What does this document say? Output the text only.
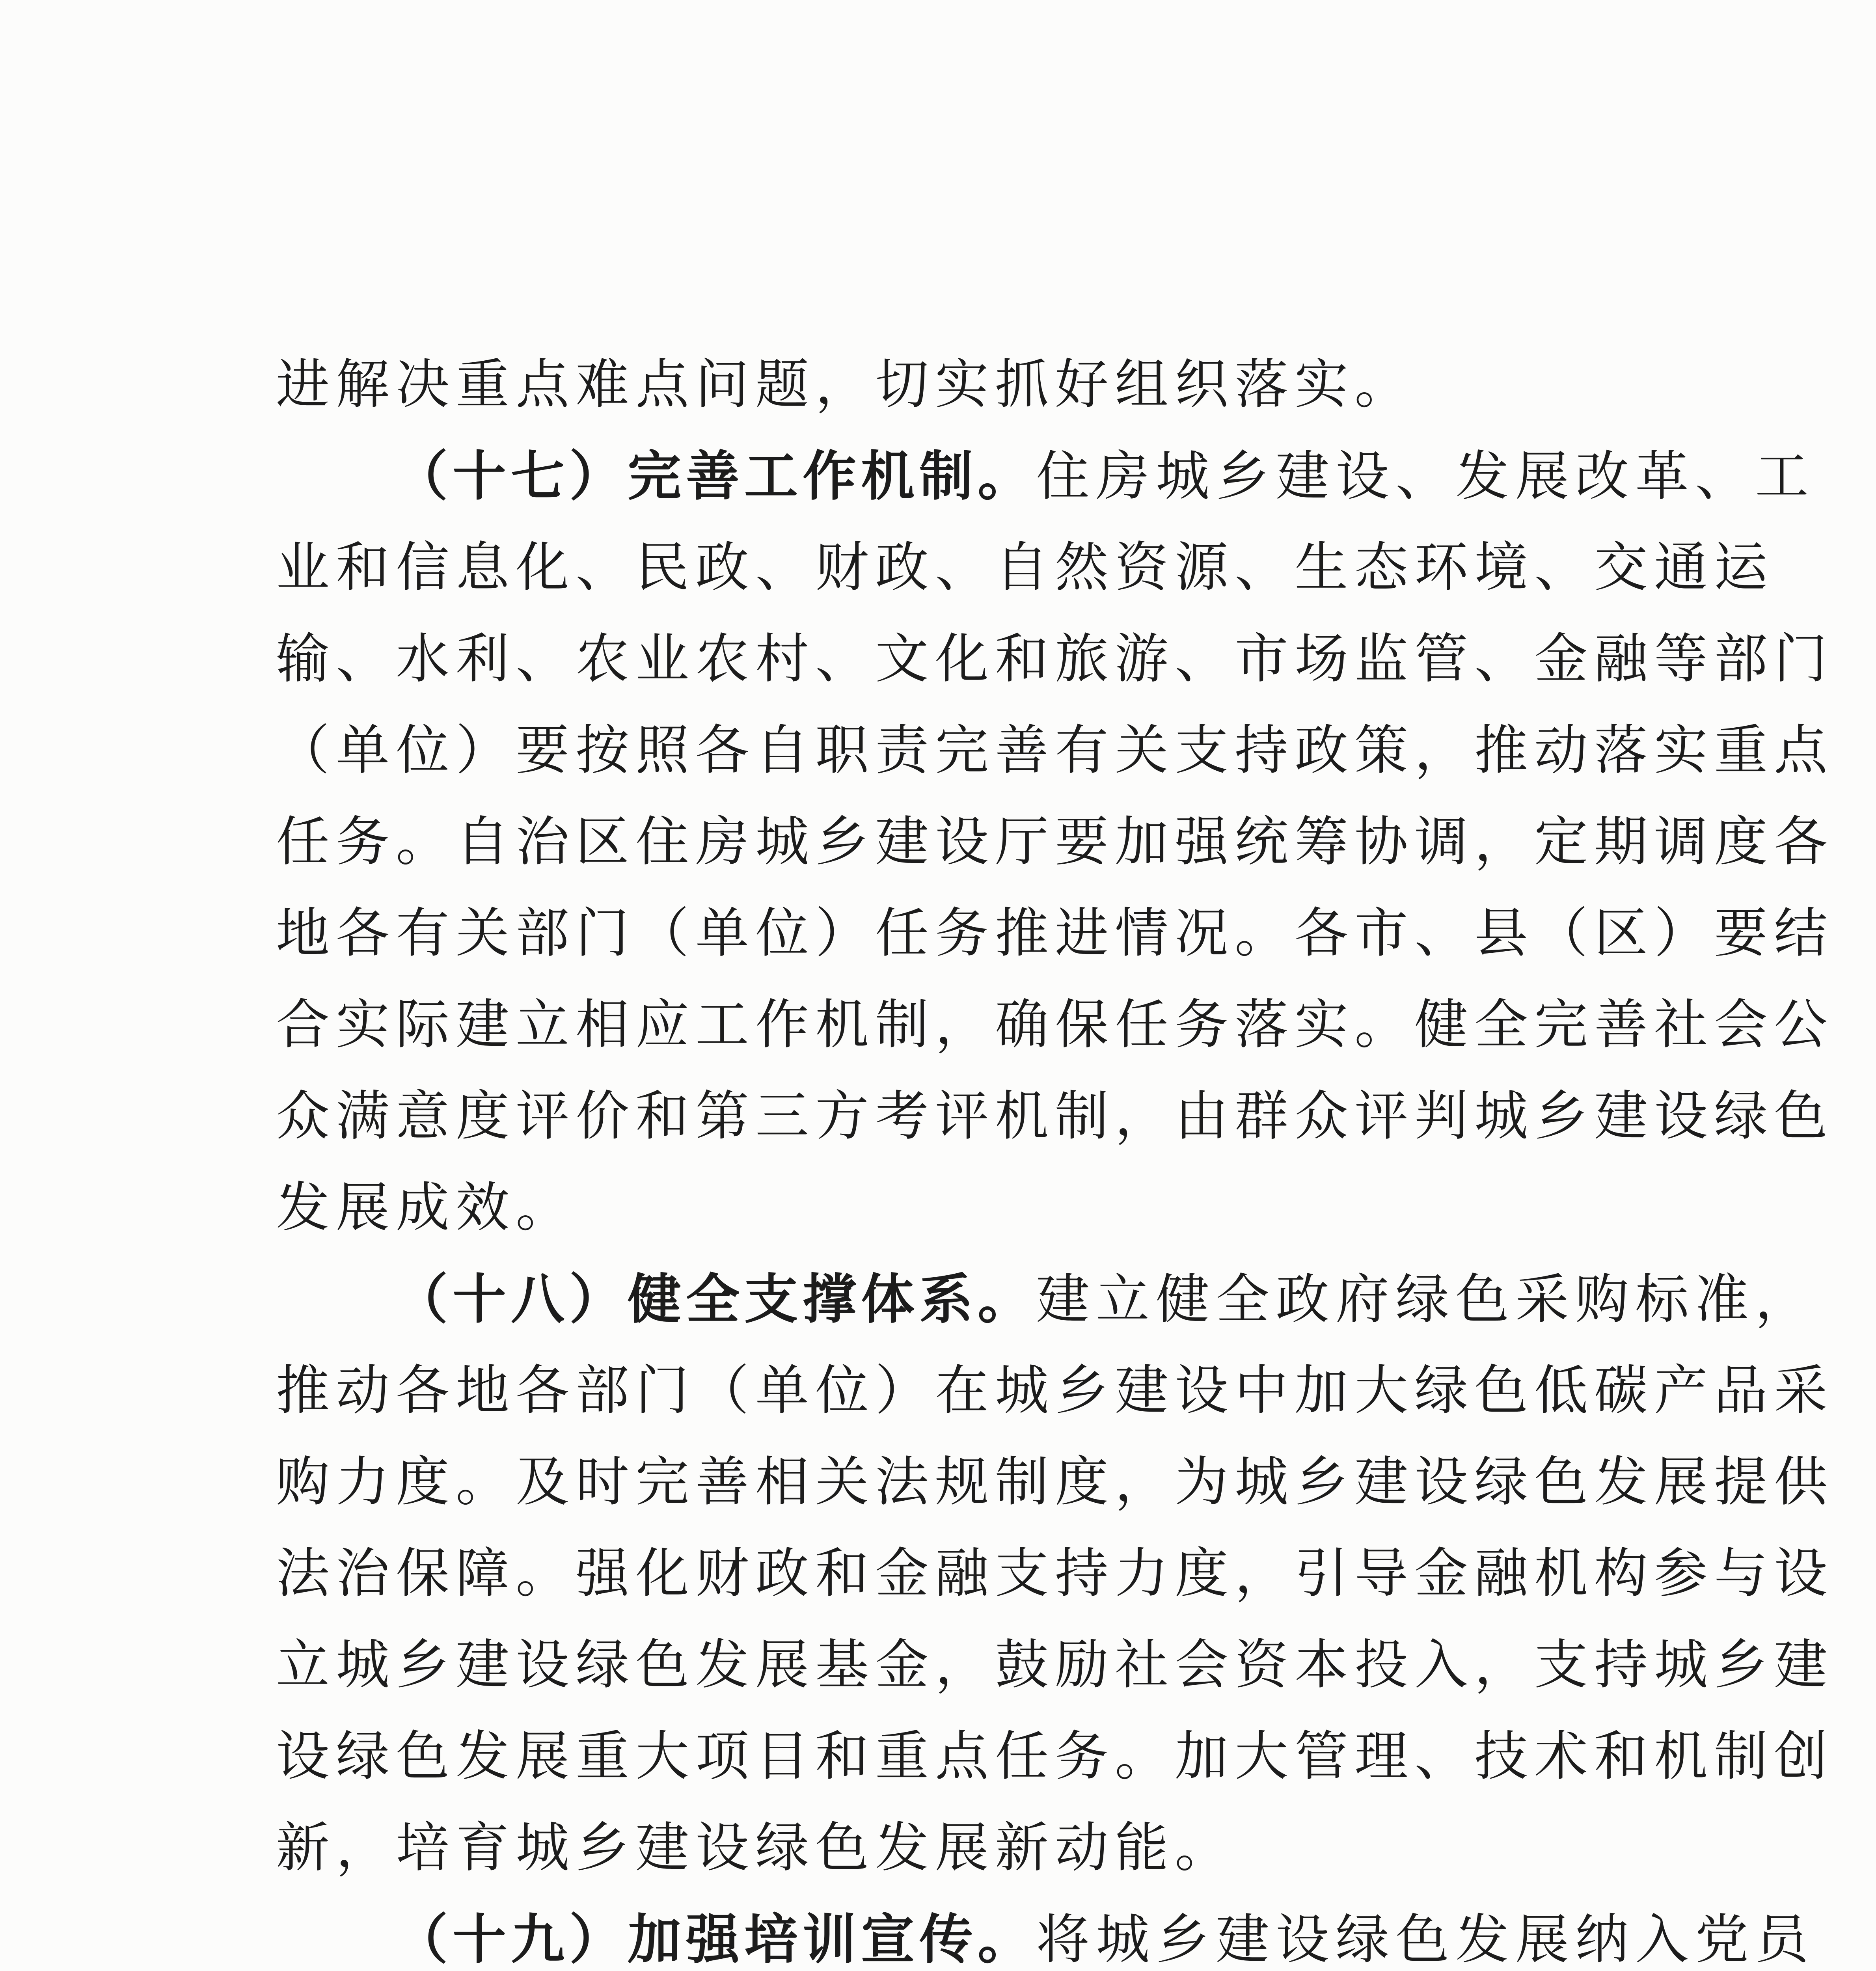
进解决重点难点问题，切实抓好组织落实。
（十七）完善工作机制。住房城乡建设、发展改革、工
业和信息化、民政、财政、自然资源、生态环境、交通运
输、水利、农业农村、文化和旅游、市场监管、金融等部门
（单位）要按照各自职责完善有关支持政策，推动落实重点
任务。自治区住房城乡建设厅要加强统筹协调，定期调度各
地各有关部门（单位）任务推进情况。各市、县（区）要结
合实际建立相应工作机制，确保任务落实。健全完善社会公
众满意度评价和第三方考评机制，由群众评判城乡建设绿色
发展成效。
（十八）健全支撑体系。建立健全政府绿色采购标准，
推动各地各部门（单位）在城乡建设中加大绿色低碳产品采
购力度。及时完善相关法规制度，为城乡建设绿色发展提供
法治保障。强化财政和金融支持力度，引导金融机构参与设
立城乡建设绿色发展基金，鼓励社会资本投入，支持城乡建
设绿色发展重大项目和重点任务。加大管理、技术和机制创
新，培育城乡建设绿色发展新动能。
（十九）加强培训宣传。将城乡建设绿色发展纳入党员
